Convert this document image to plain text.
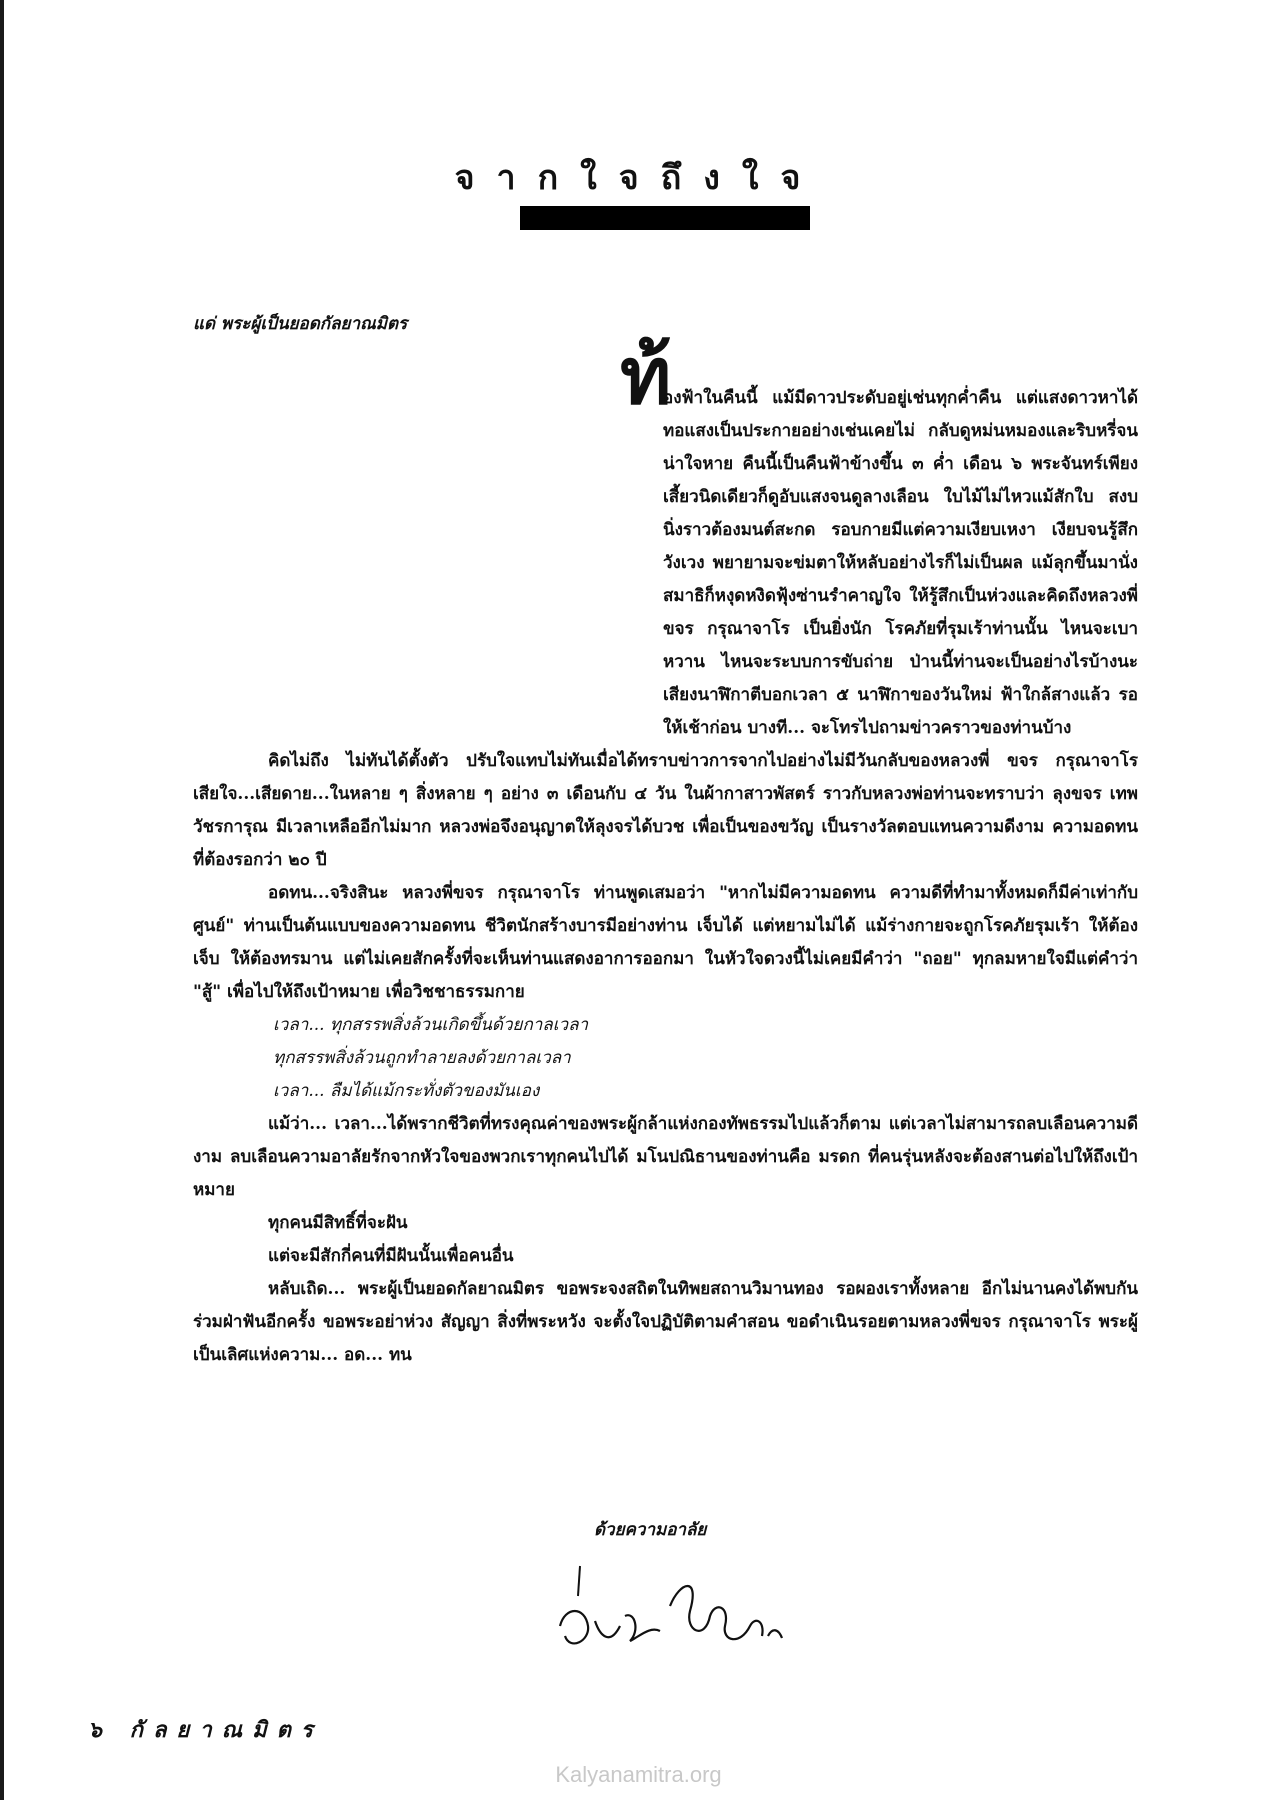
จากใจถึงใจ
แด่ พระผู้เป็นยอดกัลยาณมิตร
ท้

องฟ้าในคืนนี้ แม้มีดาวประดับอยู่เช่นทุกค่ำคืน แต่แสงดาวหาได้ทอแสงเป็นประกายอย่างเช่นเคยไม่ กลับดูหม่นหมองและริบหรี่จนน่าใจหาย คืนนี้เป็นคืนฟ้าข้างขึ้น ๓ ค่ำ เดือน ๖ พระจันทร์เพียงเสี้ยวนิดเดียวก็ดูอับแสงจนดูลางเลือน ใบไม้ไม่ไหวแม้สักใบ สงบนิ่งราวต้องมนต์สะกด รอบกายมีแต่ความเงียบเหงา เงียบจนรู้สึกวังเวง พยายามจะข่มตาให้หลับอย่างไรก็ไม่เป็นผล แม้ลุกขึ้นมานั่งสมาธิก็หงุดหงิดฟุ้งซ่านรำคาญใจ ให้รู้สึกเป็นห่วงและคิดถึงหลวงพี่ขจร กรุณาจาโร เป็นยิ่งนัก โรคภัยที่รุมเร้าท่านนั้น ไหนจะเบาหวาน ไหนจะระบบการขับถ่าย ป่านนี้ท่านจะเป็นอย่างไรบ้างนะ เสียงนาฬิกาตีบอกเวลา ๕ นาฬิกาของวันใหม่ ฟ้าใกล้สางแล้ว รอให้เช้าก่อน บางที... จะโทรไปถามข่าวคราวของท่านบ้าง

คิดไม่ถึง ไม่ทันได้ตั้งตัว ปรับใจแทบไม่ทันเมื่อได้ทราบข่าวการจากไปอย่างไม่มีวันกลับของหลวงพี่ ขจร กรุณาจาโร เสียใจ...เสียดาย...ในหลาย ๆ สิ่งหลาย ๆ อย่าง ๓ เดือนกับ ๔ วัน ในผ้ากาสาวพัสตร์ ราวกับหลวงพ่อท่านจะทราบว่า ลุงขจร เทพวัชรการุณ มีเวลาเหลืออีกไม่มาก หลวงพ่อจึงอนุญาตให้ลุงจรได้บวช เพื่อเป็นของขวัญ เป็นรางวัลตอบแทนความดีงาม ความอดทนที่ต้องรอกว่า ๒๐ ปี

อดทน...จริงสินะ หลวงพี่ขจร กรุณาจาโร ท่านพูดเสมอว่า "หากไม่มีความอดทน ความดีที่ทำมาทั้งหมดก็มีค่าเท่ากับศูนย์" ท่านเป็นต้นแบบของความอดทน ชีวิตนักสร้างบารมีอย่างท่าน เจ็บได้ แต่หยามไม่ได้ แม้ร่างกายจะถูกโรคภัยรุมเร้า ให้ต้องเจ็บ ให้ต้องทรมาน แต่ไม่เคยสักครั้งที่จะเห็นท่านแสดงอาการออกมา ในหัวใจดวงนี้ไม่เคยมีคำว่า "ถอย" ทุกลมหายใจมีแต่คำว่า "สู้" เพื่อไปให้ถึงเป้าหมาย เพื่อวิชชาธรรมกาย

เวลา... ทุกสรรพสิ่งล้วนเกิดขึ้นด้วยกาลเวลา

ทุกสรรพสิ่งล้วนถูกทำลายลงด้วยกาลเวลา

เวลา... ลืมได้แม้กระทั่งตัวของมันเอง

แม้ว่า... เวลา...ได้พรากชีวิตที่ทรงคุณค่าของพระผู้กล้าแห่งกองทัพธรรมไปแล้วก็ตาม แต่เวลาไม่สามารถลบเลือนความดีงาม ลบเลือนความอาลัยรักจากหัวใจของพวกเราทุกคนไปได้ มโนปณิธานของท่านคือ มรดก ที่คนรุ่นหลังจะต้องสานต่อไปให้ถึงเป้าหมาย

ทุกคนมีสิทธิ์ที่จะฝัน

แต่จะมีสักกี่คนที่มีฝันนั้นเพื่อคนอื่น

หลับเถิด... พระผู้เป็นยอดกัลยาณมิตร ขอพระจงสถิตในทิพยสถานวิมานทอง รอผองเราทั้งหลาย อีกไม่นานคงได้พบกัน ร่วมฝ่าฟันอีกครั้ง ขอพระอย่าห่วง สัญญา สิ่งที่พระหวัง จะตั้งใจปฏิบัติตามคำสอน ขอดำเนินรอยตามหลวงพี่ขจร กรุณาจาโร พระผู้เป็นเลิศแห่งความ... อด... ทน

ด้วยความอาลัย
๖ กัลยาณมิตร
Kalyanamitra.org
